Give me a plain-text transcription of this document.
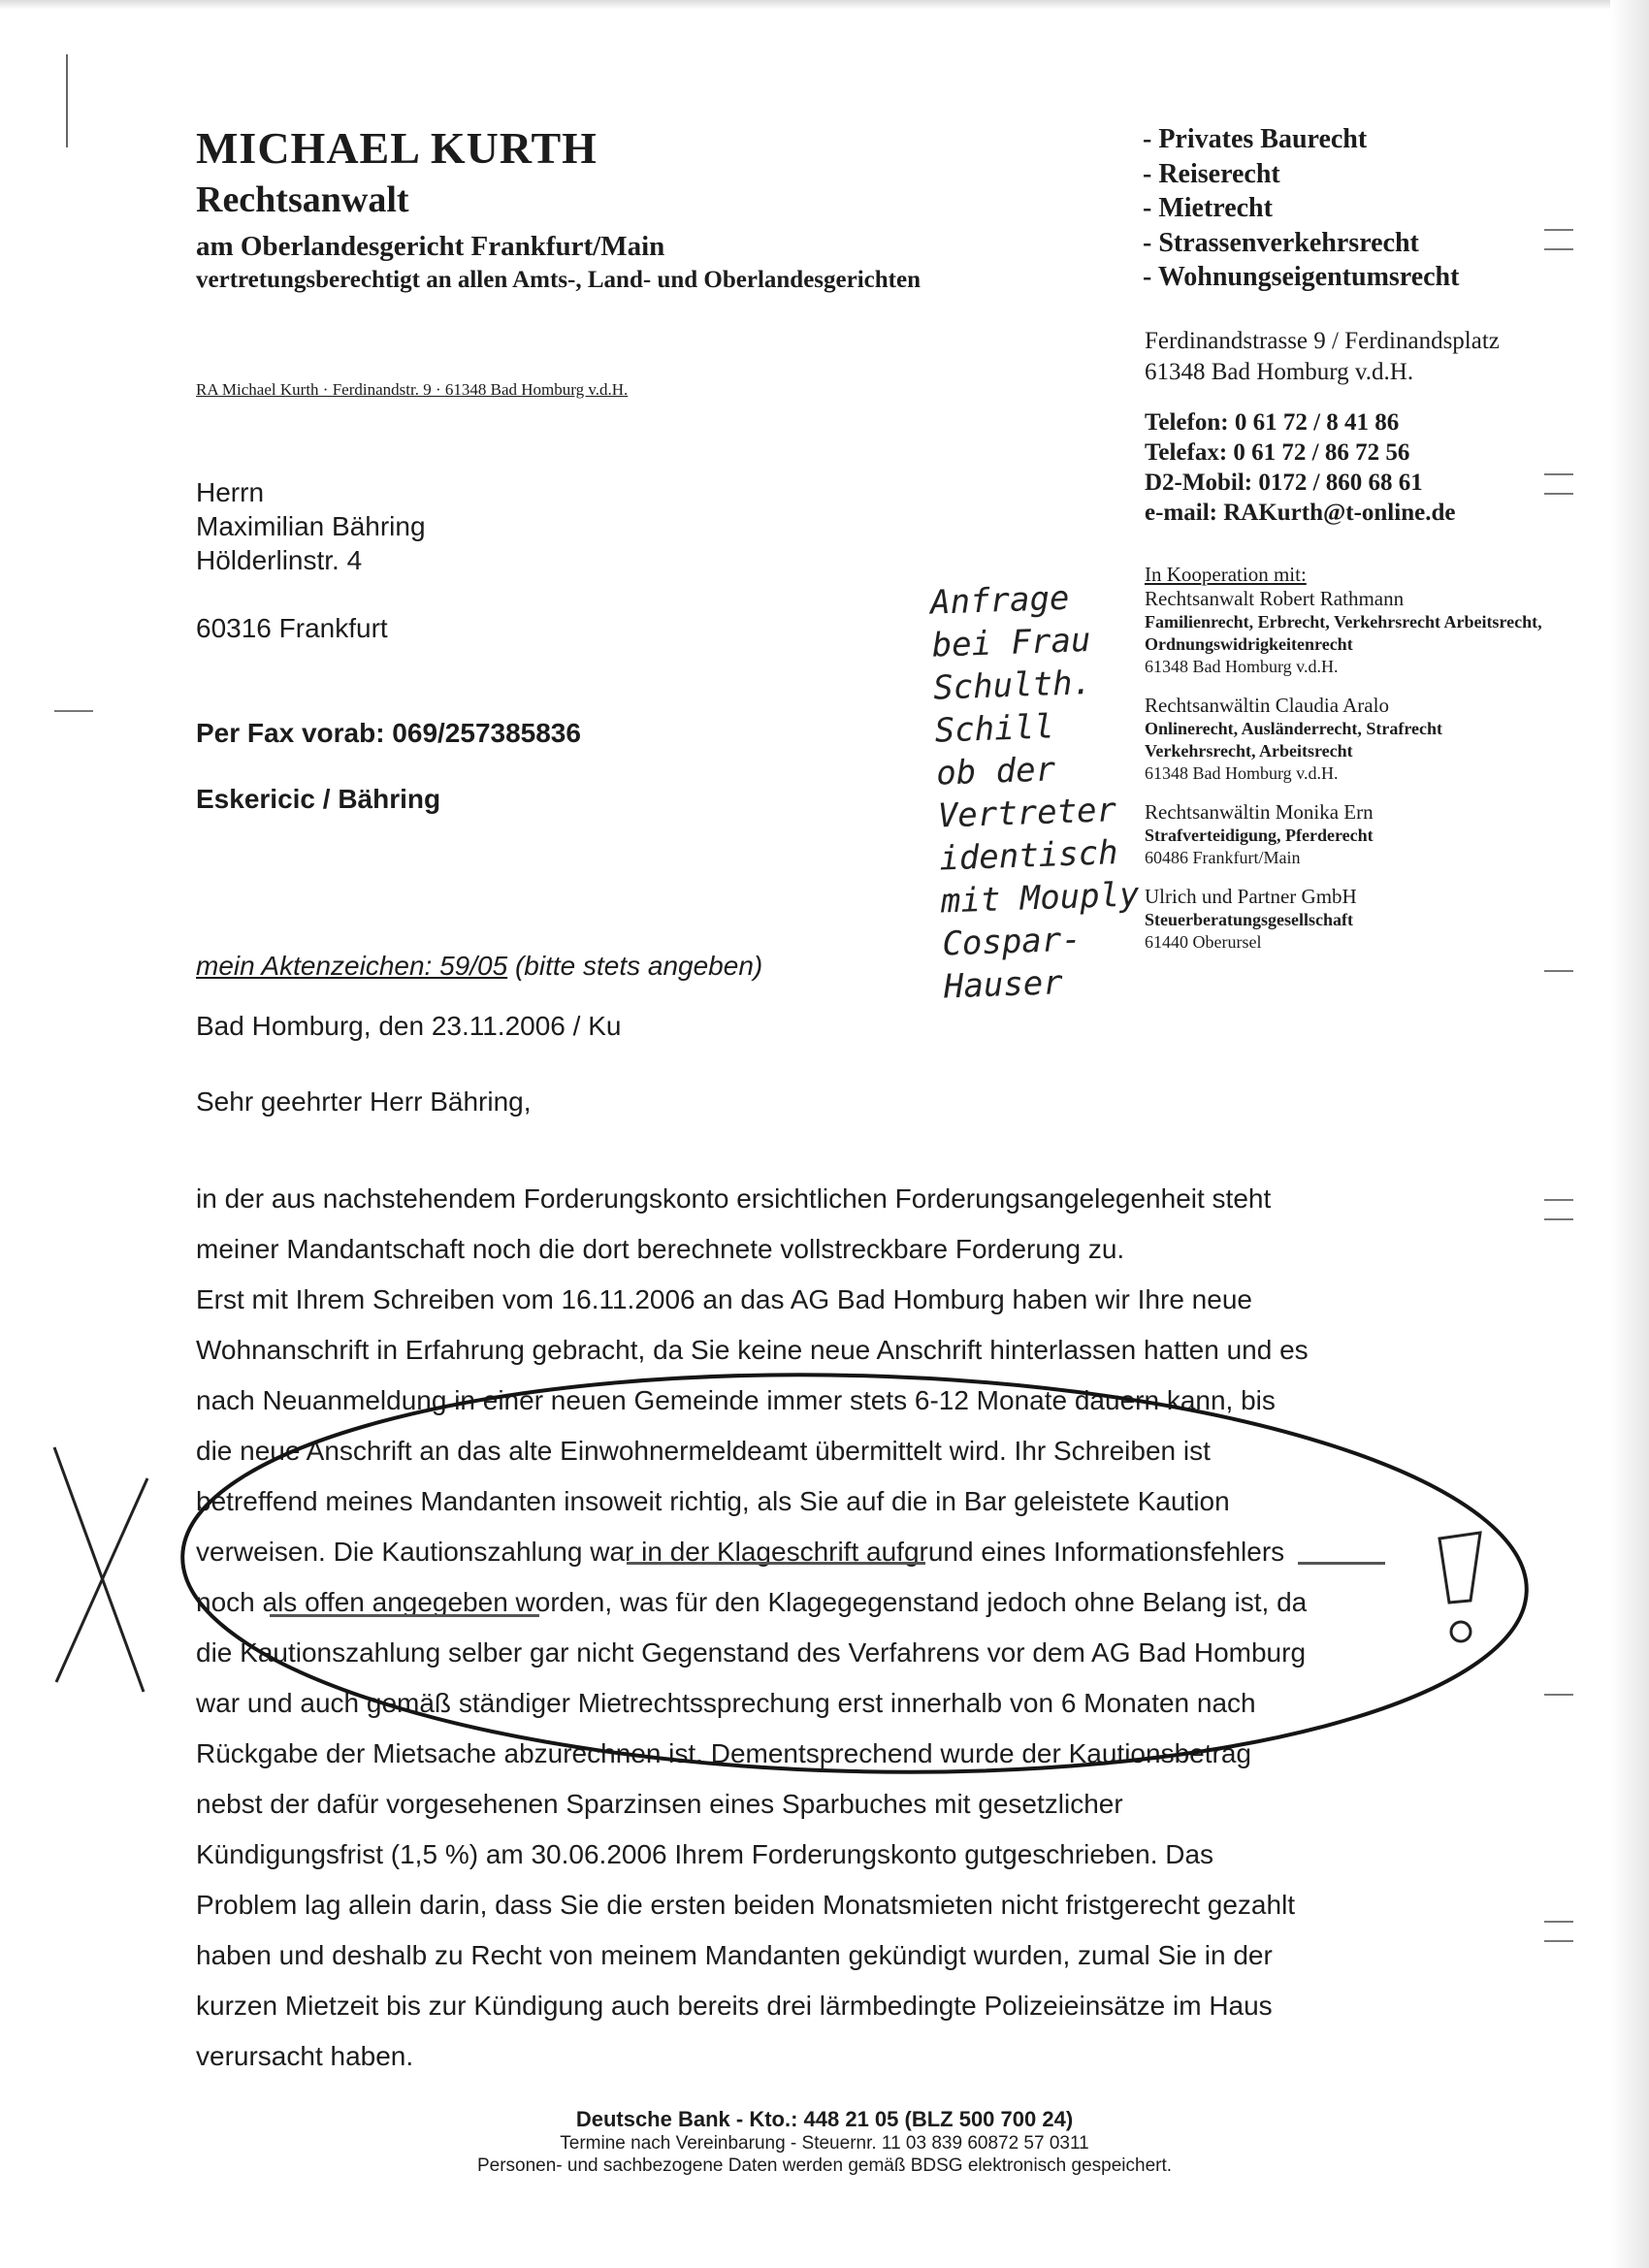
MICHAEL KURTH
Rechtsanwalt
am Oberlandesgericht Frankfurt/Main
vertretungsberechtigt an allen Amts-, Land- und Oberlandesgerichten
- Privates Baurecht
- Reiserecht
- Mietrecht
- Strassenverkehrsrecht
- Wohnungseigentumsrecht
Ferdinandstrasse 9 / Ferdinandsplatz
61348 Bad Homburg v.d.H.
Telefon: 0 61 72 / 8 41 86
Telefax: 0 61 72 / 86 72 56
D2-Mobil: 0172 / 860 68 61
e-mail: RAKurth@t-online.de
In Kooperation mit:
Rechtsanwalt Robert Rathmann
Familienrecht, Erbrecht, Verkehrsrecht Arbeitsrecht, Ordnungswidrigkeitenrecht
61348 Bad Homburg v.d.H.
Rechtsanwältin Claudia Aralo
Onlinerecht, Ausländerrecht, Strafrecht Verkehrsrecht, Arbeitsrecht
61348 Bad Homburg v.d.H.
Rechtsanwältin Monika Ern
Strafverteidigung, Pferderecht
60486 Frankfurt/Main
Ulrich und Partner GmbH
Steuerberatungsgesellschaft
61440 Oberursel
RA Michael Kurth · Ferdinandstr. 9 · 61348 Bad Homburg v.d.H.
Herrn
Maximilian Bähring
Hölderlinstr. 4
60316 Frankfurt
Per Fax vorab: 069/257385836
Eskericic / Bähring
mein Aktenzeichen: 59/05 (bitte stets angeben)
Bad Homburg, den 23.11.2006 / Ku
Sehr geehrter Herr Bähring,

in der aus nachstehendem Forderungskonto ersichtlichen Forderungsangelegenheit steht

meiner Mandantschaft noch die dort berechnete vollstreckbare Forderung zu.

Erst mit Ihrem Schreiben vom 16.11.2006 an das AG Bad Homburg haben wir Ihre neue

Wohnanschrift in Erfahrung gebracht, da Sie keine neue Anschrift hinterlassen hatten und es

nach Neuanmeldung in einer neuen Gemeinde immer stets 6-12 Monate dauern kann, bis

die neue Anschrift an das alte Einwohnermeldeamt übermittelt wird. Ihr Schreiben ist

betreffend meines Mandanten insoweit richtig, als Sie auf die in Bar geleistete Kaution

verweisen. Die Kautionszahlung war in der Klageschrift aufgrund eines Informationsfehlers

noch als offen angegeben worden, was für den Klagegegenstand jedoch ohne Belang ist, da

die Kautionszahlung selber gar nicht Gegenstand des Verfahrens vor dem AG Bad Homburg

war und auch gemäß ständiger Mietrechtssprechung erst innerhalb von 6 Monaten nach

Rückgabe der Mietsache abzurechnen ist. Dementsprechend wurde der Kautionsbetrag

nebst der dafür vorgesehenen Sparzinsen eines Sparbuches mit gesetzlicher

Kündigungsfrist (1,5 %) am 30.06.2006 Ihrem Forderungskonto gutgeschrieben. Das

Problem lag allein darin, dass Sie die ersten beiden Monatsmieten nicht fristgerecht gezahlt

haben und deshalb zu Recht von meinem Mandanten gekündigt wurden, zumal Sie in der

kurzen Mietzeit bis zur Kündigung auch bereits drei lärmbedingte Polizeieinsätze im Haus

verursacht haben.

Anfrage
bei Frau
Schulth.
Schill
ob der
Vertreter
identisch
mit Mouply
Cospar-
Hauser
Deutsche Bank - Kto.: 448 21 05 (BLZ 500 700 24)
Termine nach Vereinbarung - Steuernr. 11 03 839 60872 57 0311
Personen- und sachbezogene Daten werden gemäß BDSG elektronisch gespeichert.
